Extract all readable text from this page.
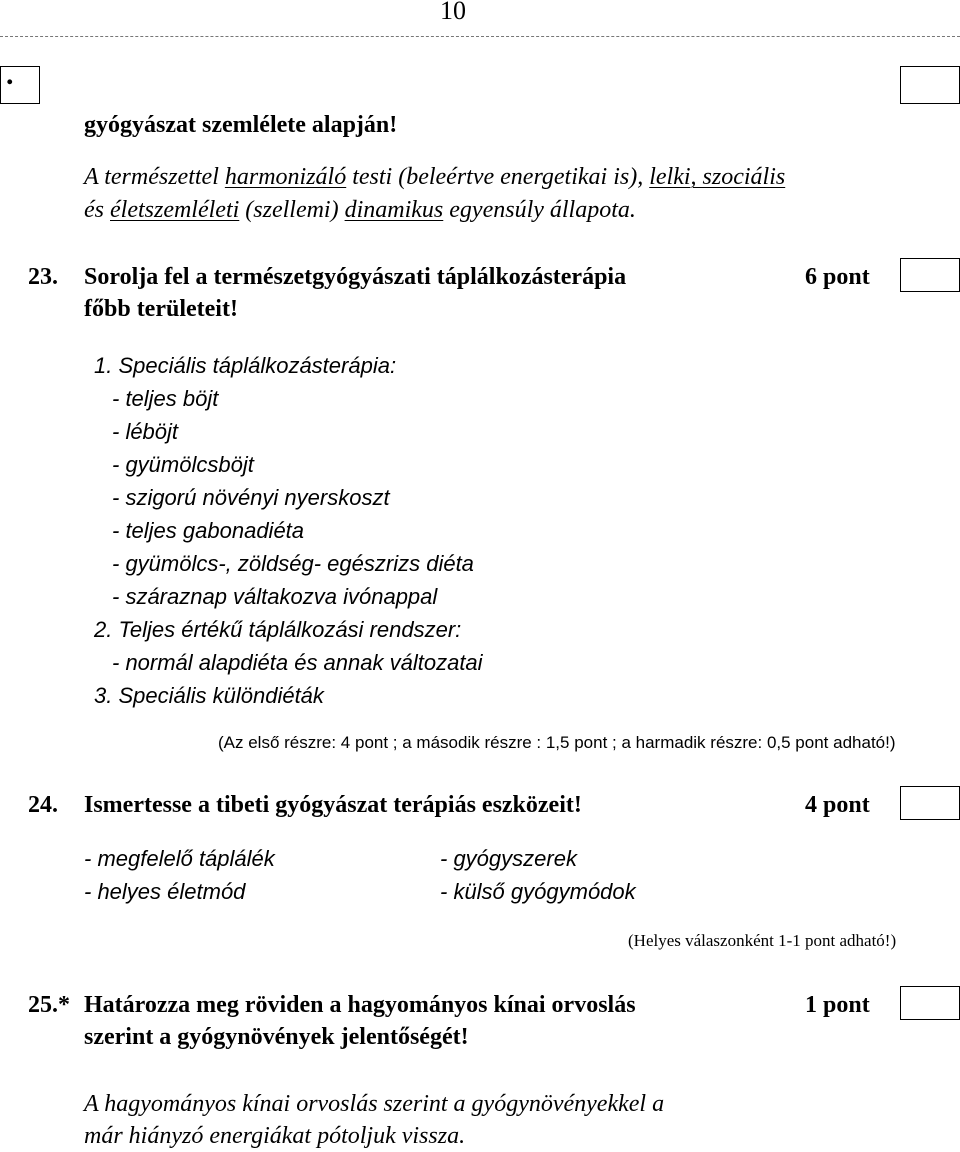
10
.
gyógyászat szemlélete alapján!
A természettel harmonizáló testi (beleértve energetikai is), lelki, szociális
és életszemléleti (szellemi) dinamikus egyensúly állapota.
23. Sorolja fel a természetgyógyászati táplálkozásterápia
főbb területeit!
6 pont
1. Speciális táplálkozásterápia:
- teljes böjt
- léböjt
- gyümölcsböjt
- szigorú növényi nyerskoszt
- teljes gabonadiéta
- gyümölcs-, zöldség- egészrizs diéta
- száraznap váltakozva ivónappal
2. Teljes értékű táplálkozási rendszer:
- normál alapdiéta és annak változatai
3. Speciális különdiéták
(Az első részre: 4 pont ; a második részre : 1,5 pont ; a harmadik részre: 0,5 pont adható!)
24. Ismertesse a tibeti gyógyászat terápiás eszközeit!	4 pont
- megfelelő táplálék	- gyógyszerek
- helyes életmód	- külső gyógymódok
(Helyes válaszonként 1-1 pont adható!)
25.* Határozza meg röviden a hagyományos kínai orvoslás
szerint a gyógynövények jelentőségét!
1 pont
A hagyományos kínai orvoslás szerint a gyógynövényekkel a
már hiányzó energiákat pótoljuk vissza.
